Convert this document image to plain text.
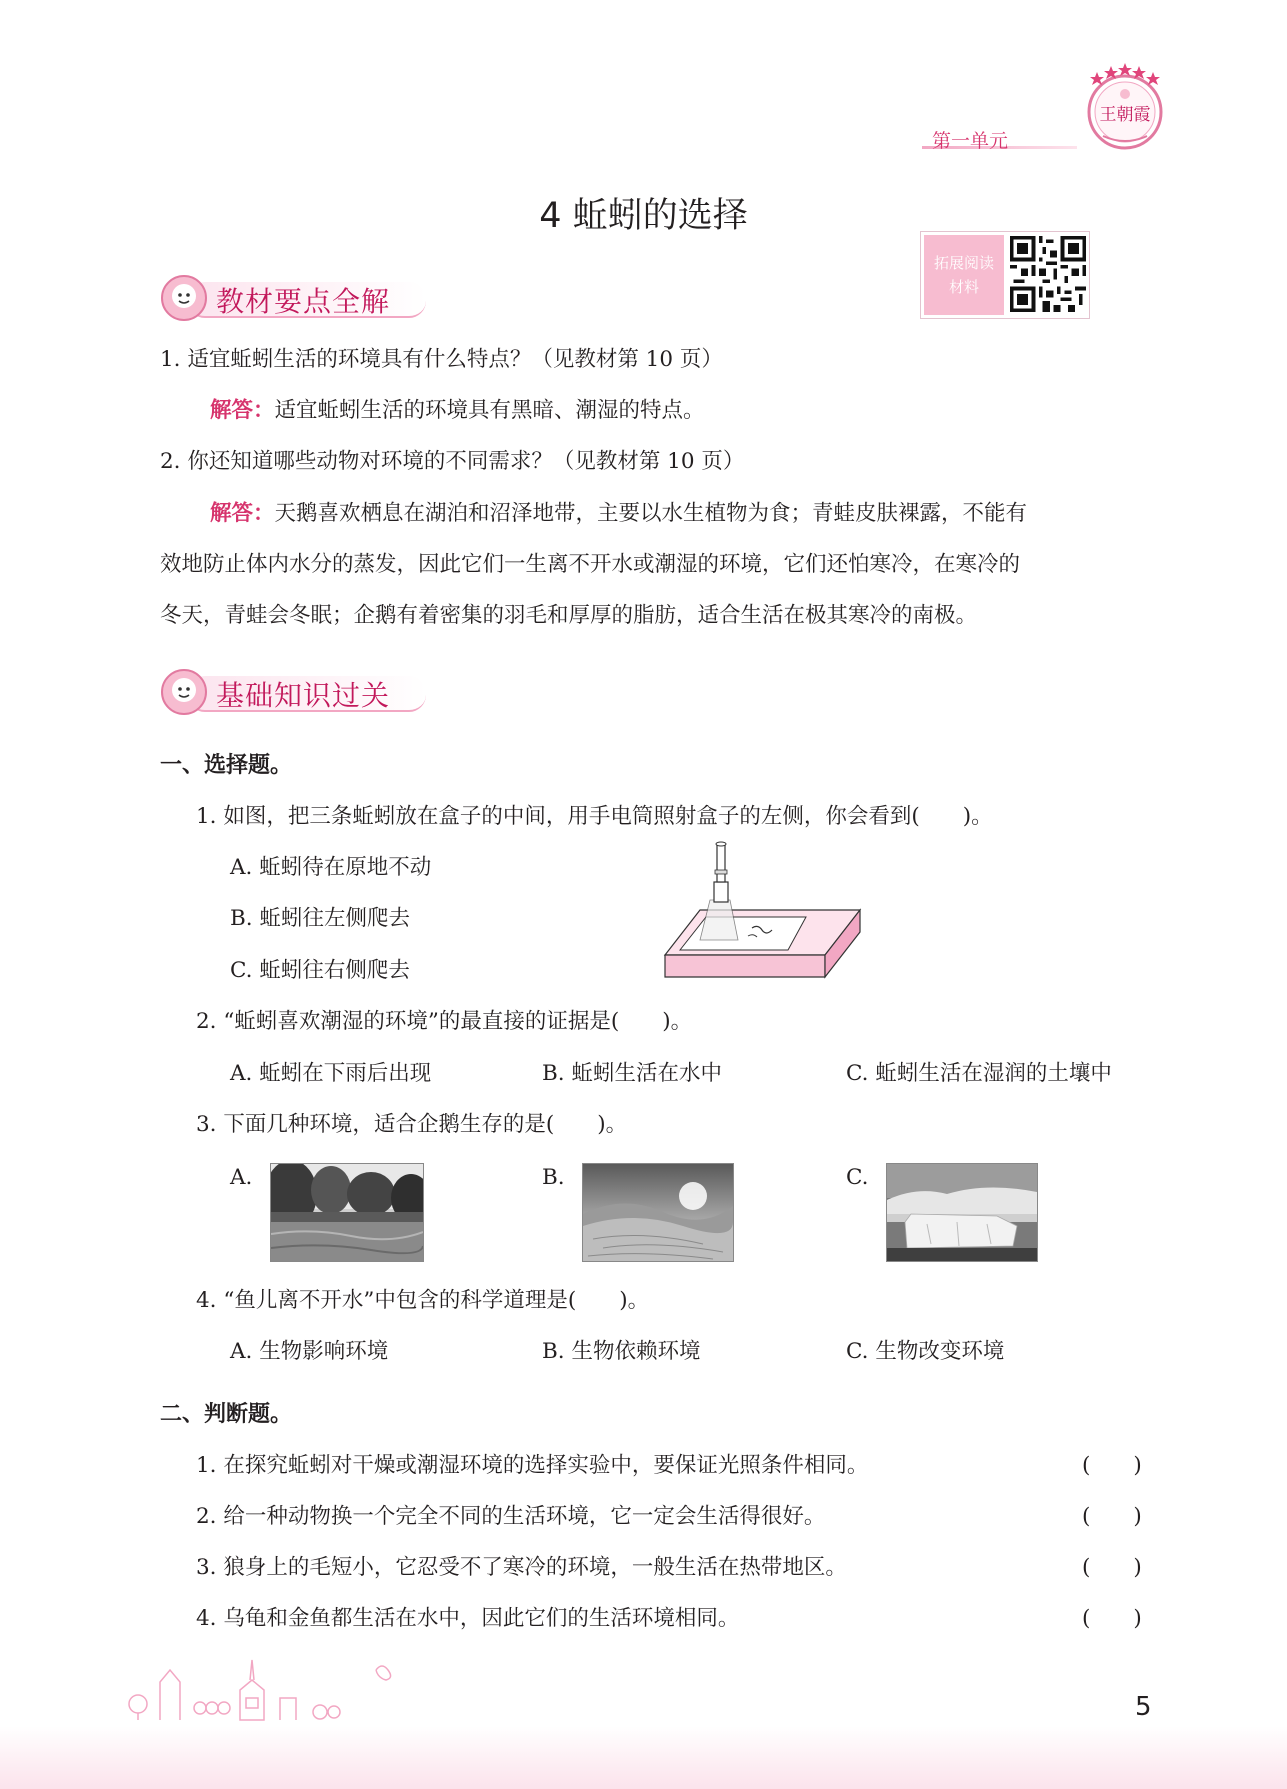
第一单元
王朝霞
4 蚯蚓的选择
拓展阅读
材料
教材要点全解
1. 适宜蚯蚓生活的环境具有什么特点？（见教材第 10 页）
解答：适宜蚯蚓生活的环境具有黑暗、潮湿的特点。
2. 你还知道哪些动物对环境的不同需求？（见教材第 10 页）
解答：天鹅喜欢栖息在湖泊和沼泽地带，主要以水生植物为食；青蛙皮肤裸露，不能有
效地防止体内水分的蒸发，因此它们一生离不开水或潮湿的环境，它们还怕寒冷，在寒冷的
冬天，青蛙会冬眠；企鹅有着密集的羽毛和厚厚的脂肪，适合生活在极其寒冷的南极。
基础知识过关
一、选择题。
1. 如图，把三条蚯蚓放在盒子的中间，用手电筒照射盒子的左侧，你会看到(　　)。
A. 蚯蚓待在原地不动
B. 蚯蚓往左侧爬去
C. 蚯蚓往右侧爬去
2. “蚯蚓喜欢潮湿的环境”的最直接的证据是(　　)。
A. 蚯蚓在下雨后出现	B. 蚯蚓生活在水中	C. 蚯蚓生活在湿润的土壤中
3. 下面几种环境，适合企鹅生存的是(　　)。
A.	B.	C.
4. “鱼儿离不开水”中包含的科学道理是(　　)。
A. 生物影响环境	B. 生物依赖环境	C. 生物改变环境
二、判断题。
1. 在探究蚯蚓对干燥或潮湿环境的选择实验中，要保证光照条件相同。	(　　)
2. 给一种动物换一个完全不同的生活环境，它一定会生活得很好。	(　　)
3. 狼身上的毛短小，它忍受不了寒冷的环境，一般生活在热带地区。	(　　)
4. 乌龟和金鱼都生活在水中，因此它们的生活环境相同。	(　　)
5
